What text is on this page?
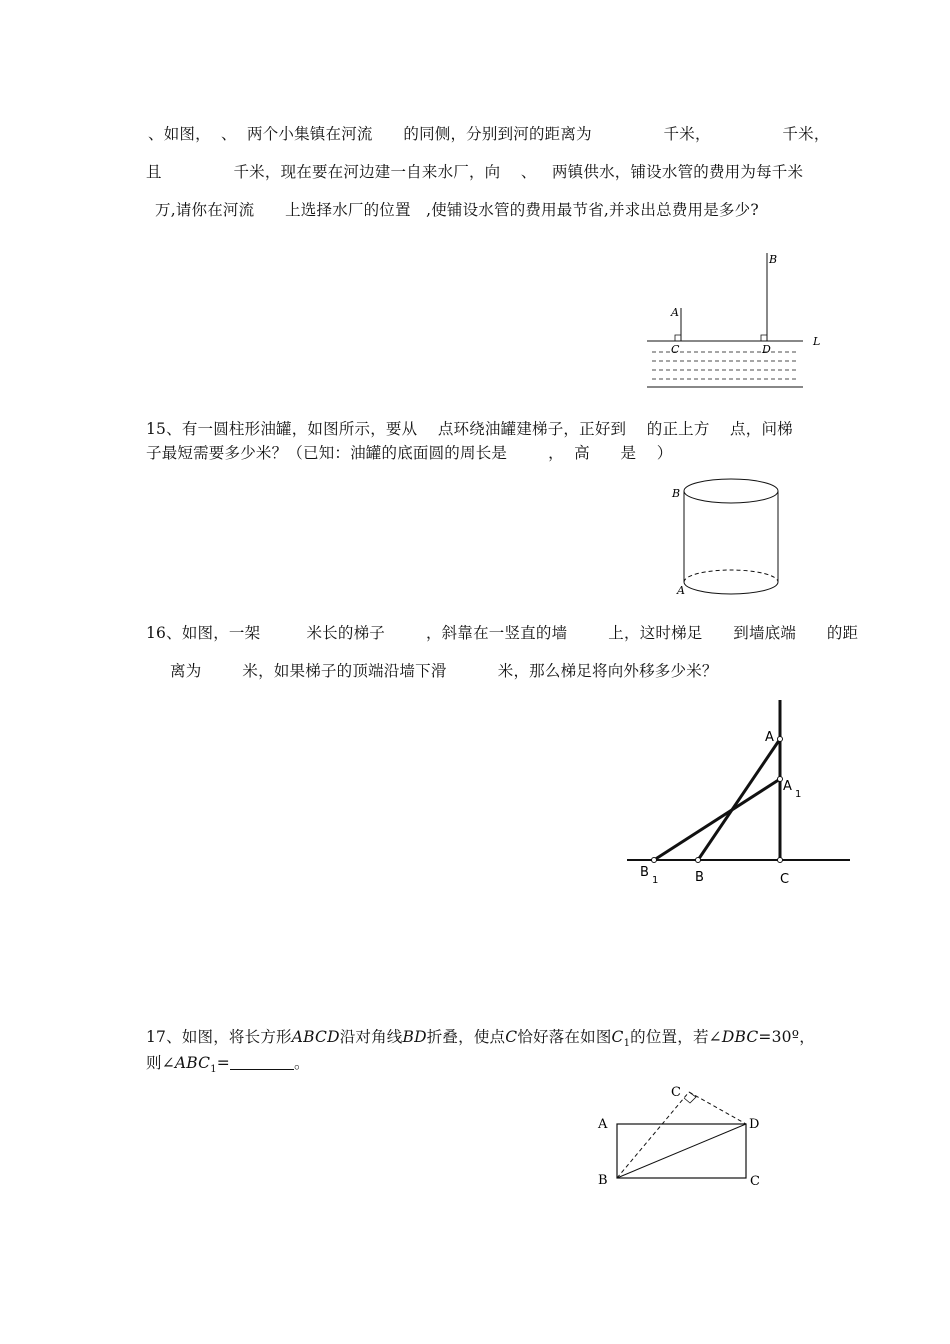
、如图，  、  两个小集镇在河流      的同侧，分别到河的距离为              千米，              千米，
且              千米，现在要在河边建一自来水厂，向    、   两镇供水，铺设水管的费用为每千米
万,请你在河流      上选择水厂的位置   ,使铺设水管的费用最节省,并求出总费用是多少?
A
B
C	D
L
15、有一圆柱形油罐，如图所示，要从    点环绕油罐建梯子，正好到    的正上方    点，问梯
子最短需要多少米？（已知：油罐的底面圆的周长是        ，  高      是    ）
B
A
16、如图，一架         米长的梯子        ，斜靠在一竖直的墙        上，这时梯足      到墙底端      的距
离为        米，如果梯子的顶端沿墙下滑          米，那么梯足将向外移多少米？
A
A
1
B
1	B	C
17、如图，将长方形ABCD沿对角线BD折叠，使点C恰好落在如图$C_1$的位置，若∠DBC=30º，
则$\angle ABC_1=$	。
A
B	C
D
C
